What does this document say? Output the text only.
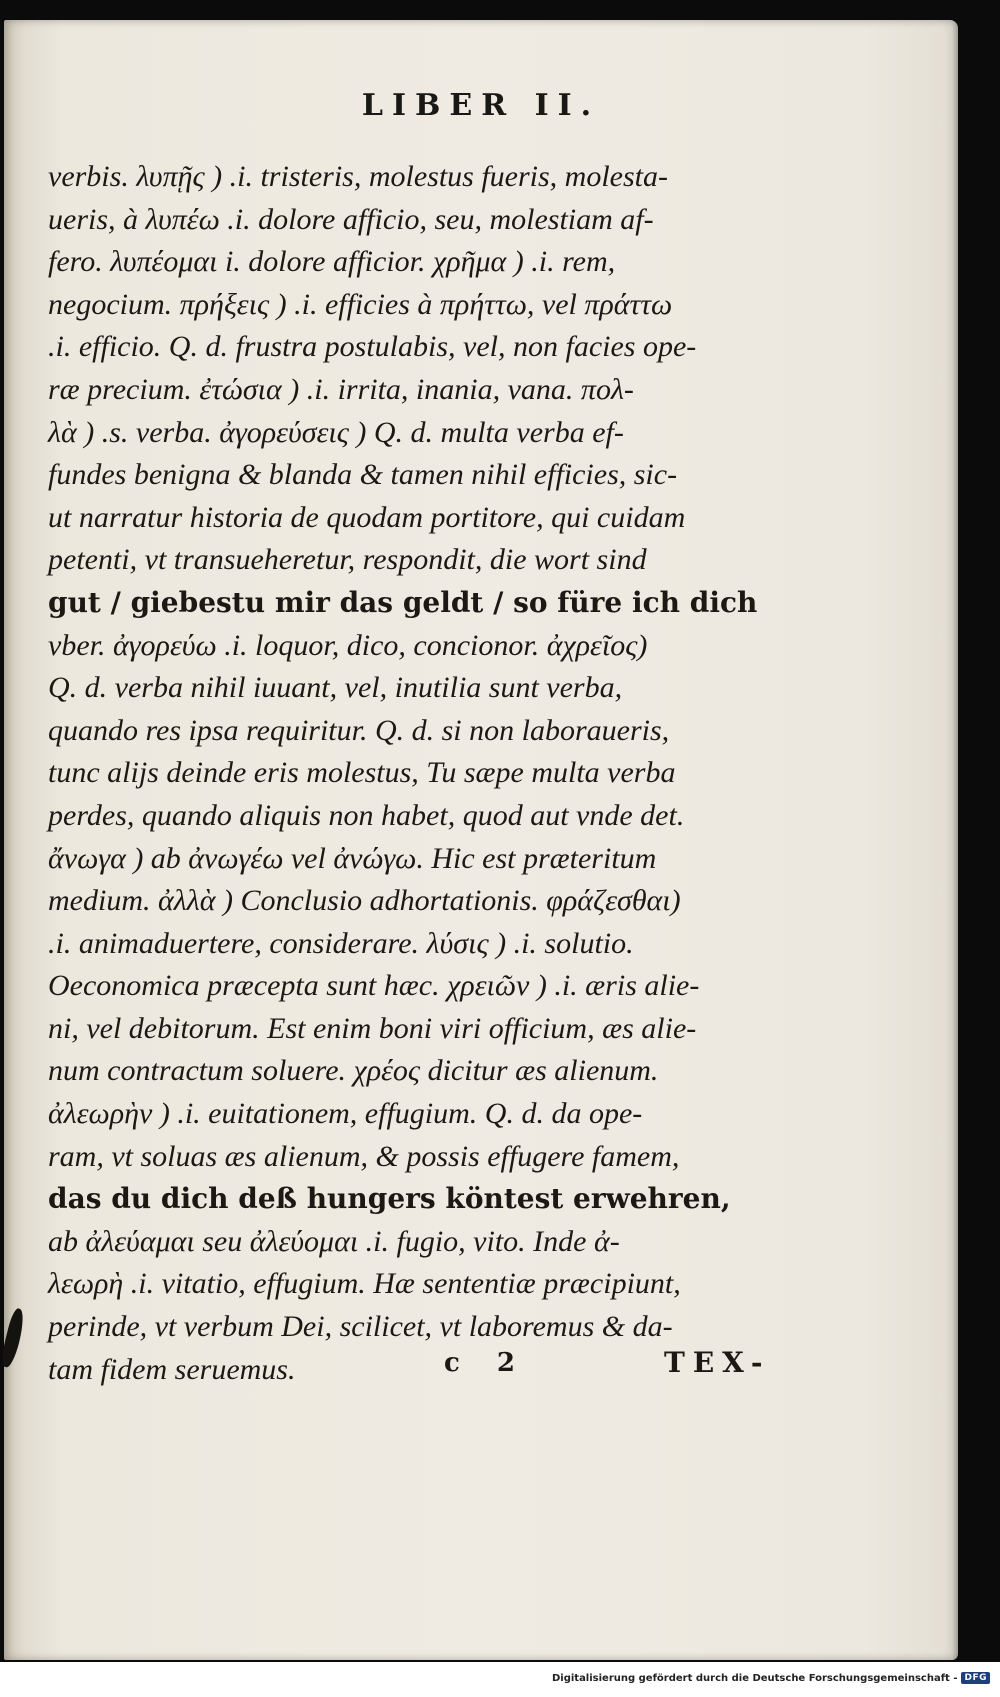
LIBER II.
verbis. λυπῇς ) .i. tristeris, molestus fueris, molesta-
ueris, à λυπέω .i. dolore afficio, seu, molestiam af-
fero. λυπέομαι i. dolore afficior. χρῆμα ) .i. rem,
negocium. πρήξεις ) .i. efficies à πρήττω, vel πράττω
.i. efficio. Q. d. frustra postulabis, vel, non facies ope-
ræ precium. ἐτώσια ) .i. irrita, inania, vana. πολ-
λὰ ) .s. verba. ἀγορεύσεις ) Q. d. multa verba ef-
fundes benigna & blanda & tamen nihil efficies, sic-
ut narratur historia de quodam portitore, qui cuidam
petenti, vt transueheretur, respondit, die wort sind
gut / giebestu mir das geldt / so füre ich dich
vber. ἀγορεύω .i. loquor, dico, concionor. ἀχρεῖος)
Q. d. verba nihil iuuant, vel, inutilia sunt verba,
quando res ipsa requiritur. Q. d. si non laboraueris,
tunc alijs deinde eris molestus, Tu sæpe multa verba
perdes, quando aliquis non habet, quod aut vnde det.
ἄνωγα ) ab ἀνωγέω vel ἀνώγω. Hic est præteritum
medium. ἀλλὰ ) Conclusio adhortationis. φράζεσθαι)
.i. animaduertere, considerare. λύσις ) .i. solutio.
Oeconomica præcepta sunt hæc. χρειῶν ) .i. æris alie-
ni, vel debitorum. Est enim boni viri officium, æs alie-
num contractum soluere. χρέος dicitur æs alienum.
ἀλεωρὴν ) .i. euitationem, effugium. Q. d. da ope-
ram, vt soluas æs alienum, & possis effugere famem,
das du dich deß hungers köntest erwehren,
ab ἀλεύαμαι seu ἀλεύομαι .i. fugio, vito. Inde ἀ-
λεωρὴ .i. vitatio, effugium. Hæ sententiæ præcipiunt,
perinde, vt verbum Dei, scilicet, vt laboremus & da-
tam fidem seruemus.	c 2	TEX-
Digitalisierung gefördert durch die Deutsche Forschungsgemeinschaft - DFG
